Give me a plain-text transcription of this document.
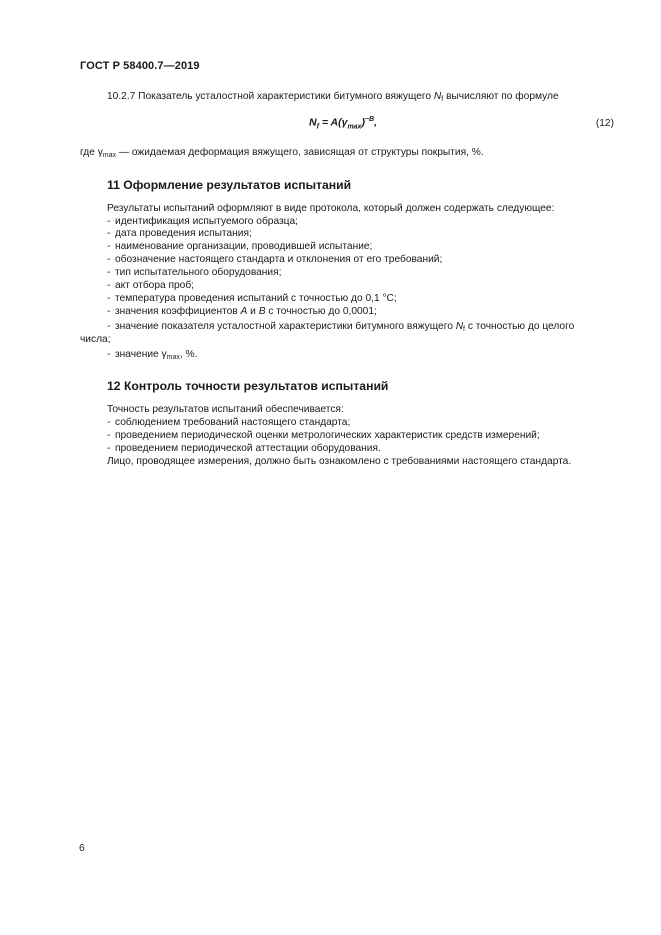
ГОСТ Р 58400.7—2019
10.2.7 Показатель усталостной характеристики битумного вяжущего $N_f$ вычисляют по формуле
$N_f = A(\gamma_{max})^{-B}$,	(12)
где $\gamma_{max}$ — ожидаемая деформация вяжущего, зависящая от структуры покрытия, %.
11 Оформление результатов испытаний
Результаты испытаний оформляют в виде протокола, который должен содержать следующее:
- идентификация испытуемого образца;
- дата проведения испытания;
- наименование организации, проводившей испытание;
- обозначение настоящего стандарта и отклонения от его требований;
- тип испытательного оборудования;
- акт отбора проб;
- температура проведения испытаний с точностью до 0,1 °С;
- значения коэффициентов A и B с точностью до 0,0001;
- значение показателя усталостной характеристики битумного вяжущего $N_f$ с точностью до целого
числа;
- значение $\gamma_{max}$, %.
12 Контроль точности результатов испытаний
Точность результатов испытаний обеспечивается:
- соблюдением требований настоящего стандарта;
- проведением периодической оценки метрологических характеристик средств измерений;
- проведением периодической аттестации оборудования.
Лицо, проводящее измерения, должно быть ознакомлено с требованиями настоящего стандарта.
6
